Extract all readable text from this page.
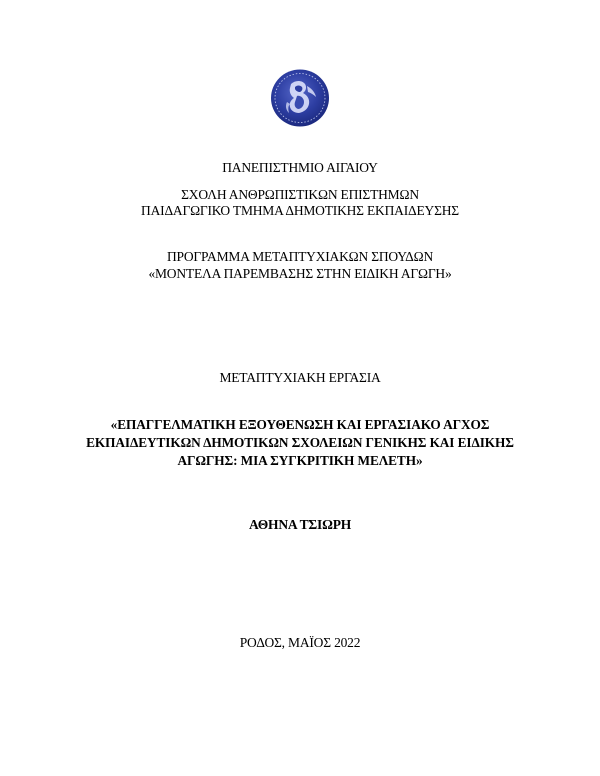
ΠΑΝΕΠΙΣΤΗΜΙΟ ΑΙΓΑΙΟΥ
ΣΧΟΛΗ ΑΝΘΡΩΠΙΣΤΙΚΩΝ ΕΠΙΣΤΗΜΩΝ
ΠΑΙΔΑΓΩΓΙΚΟ ΤΜΗΜΑ ΔΗΜΟΤΙΚΗΣ ΕΚΠΑΙΔΕΥΣΗΣ
ΠΡΟΓΡΑΜΜΑ ΜΕΤΑΠΤΥΧΙΑΚΩΝ ΣΠΟΥΔΩΝ
«ΜΟΝΤΕΛΑ ΠΑΡΕΜΒΑΣΗΣ ΣΤΗΝ ΕΙΔΙΚΗ ΑΓΩΓΗ»
ΜΕΤΑΠΤΥΧΙΑΚΗ ΕΡΓΑΣΙΑ
«ΕΠΑΓΓΕΛΜΑΤΙΚΗ ΕΞΟΥΘΕΝΩΣΗ ΚΑΙ ΕΡΓΑΣΙΑΚΟ ΑΓΧΟΣ
ΕΚΠΑΙΔΕΥΤΙΚΩΝ ΔΗΜΟΤΙΚΩΝ ΣΧΟΛΕΙΩΝ ΓΕΝΙΚΗΣ ΚΑΙ ΕΙΔΙΚΗΣ
ΑΓΩΓΗΣ: ΜΙΑ ΣΥΓΚΡΙΤΙΚΗ ΜΕΛΕΤΗ»
ΑΘΗΝΑ ΤΣΙΩΡΗ
ΡΟΔΟΣ, ΜΑΪΟΣ 2022
